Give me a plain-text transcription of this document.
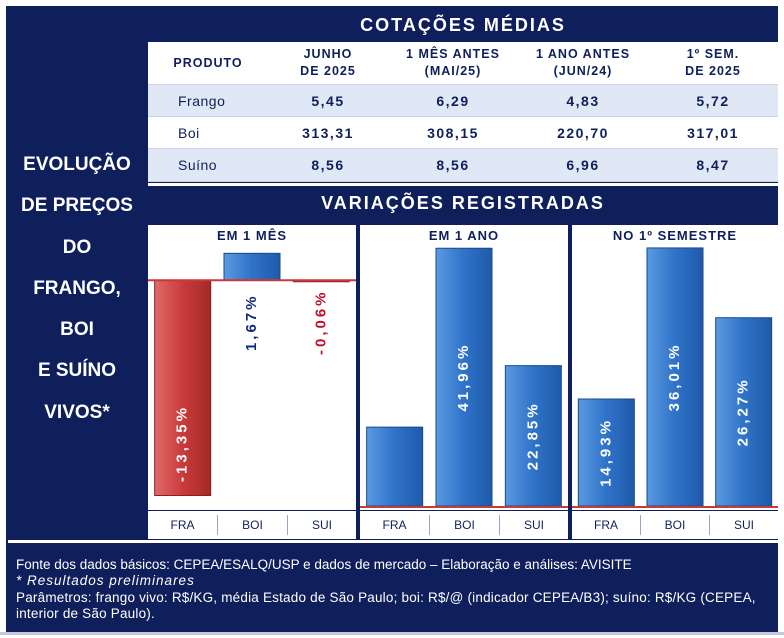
EVOLUÇÃO
DE PREÇOS
DO
FRANGO,
BOI
E SUÍNO
VIVOS*
COTAÇÕES MÉDIAS
PRODUTO
JUNHO
DE 2025
1 MÊS ANTES
(MAI/25)
1 ANO ANTES
(JUN/24)
1º SEM.
DE 2025
Frango	5,45	6,29	4,83	5,72
Boi	313,31	308,15	220,70	317,01
Suíno	8,56	8,56	6,96	8,47
VARIAÇÕES REGISTRADAS
EM 1 MÊS	EM 1 ANO	NO 1º SEMESTRE
-13,35%
1,67%	-0,06%
41,96%
22,85%	14,93%
36,01%
26,27%
FRA	BOI	SUI	FRA	BOI	SUI	FRA	BOI	SUI
Fonte dos dados básicos: CEPEA/ESALQ/USP e dados de mercado – Elaboração e análises: AVISITE
* Resultados preliminares
Parâmetros: frango vivo: R$/KG, média Estado de São Paulo; boi: R$/@ (indicador CEPEA/B3); suíno: R$/KG (CEPEA, interior de São Paulo).
